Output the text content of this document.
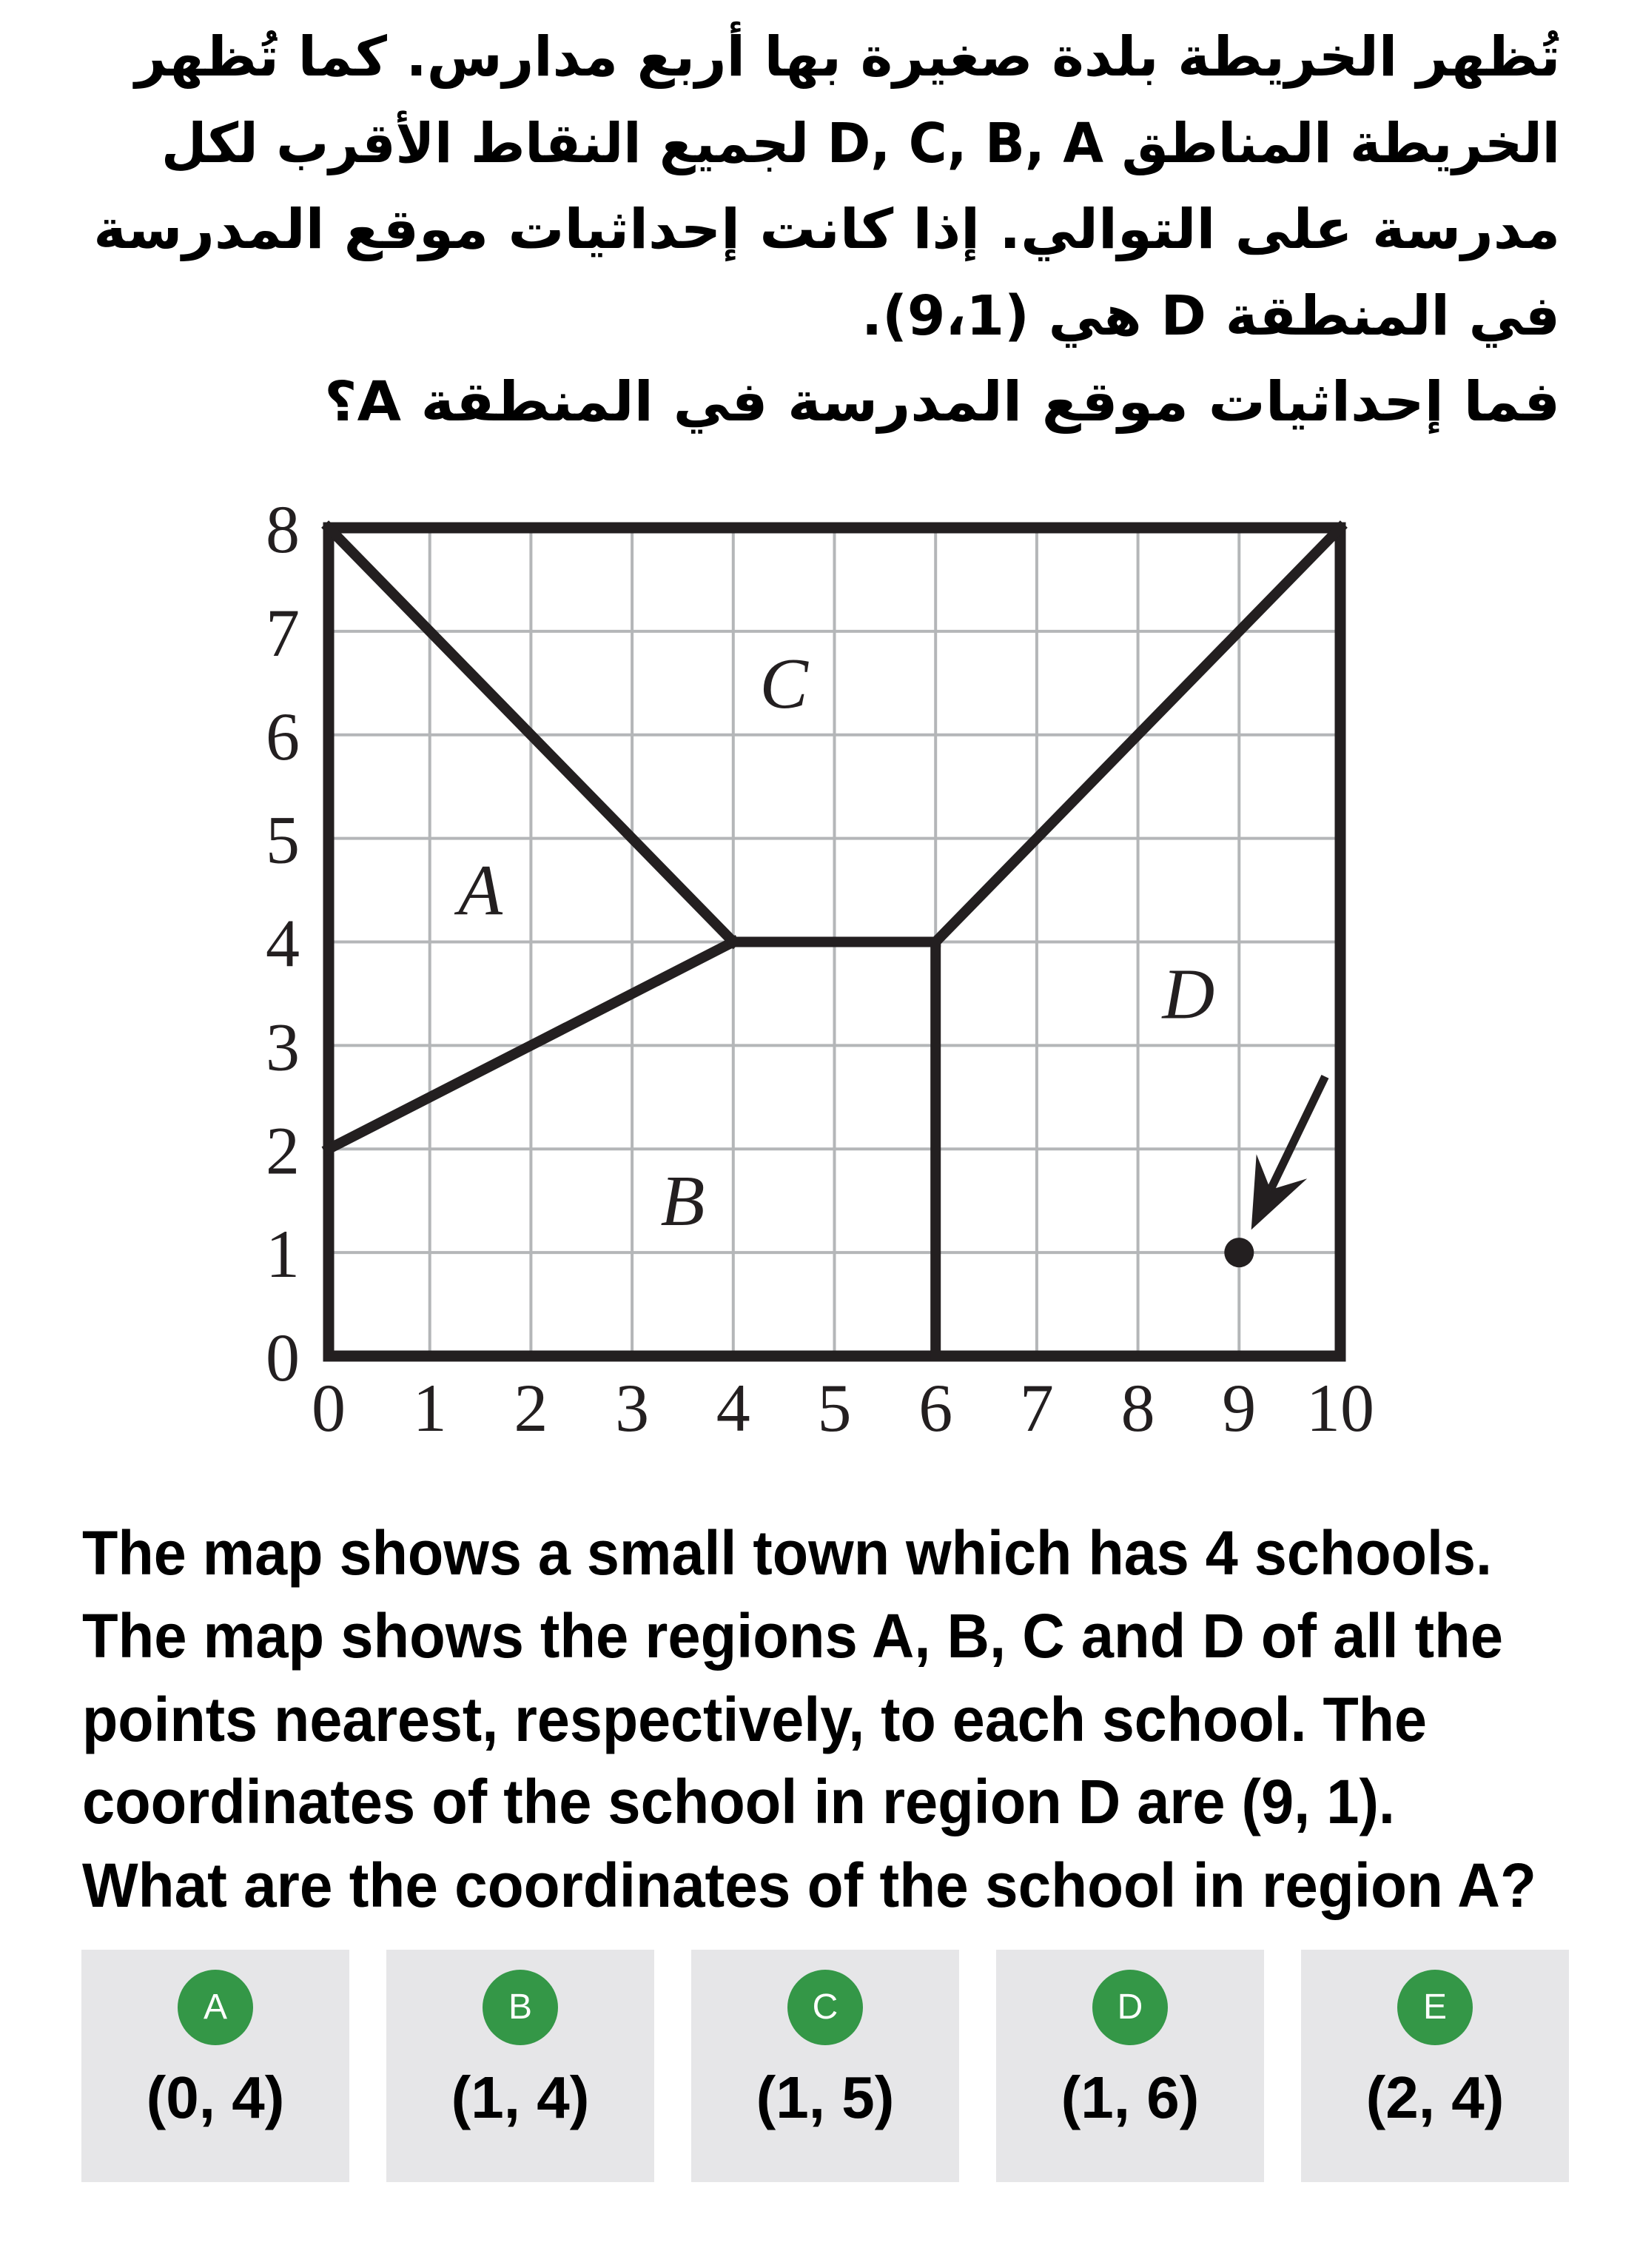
تُظهر الخريطة بلدة صغيرة بها أربع مدارس. كما تُظهر
الخريطة المناطق D, C, B, A لجميع النقاط الأقرب لكل
مدرسة على التوالي. إذا كانت إحداثيات موقع المدرسة
في المنطقة D هي (9،1).
فما إحداثيات موقع المدرسة في المنطقة A؟
0 1 2 3 4 5 6 7 8 9 10
0
1
2
3
4
5
6
7
8
A
B
C
D
The map shows a small town which has 4 schools.
The map shows the regions A, B, C and D of all the
points nearest, respectively, to each school. The
coordinates of the school in region D are (9, 1).
What are the coordinates of the school in region A?
A
(0, 4)
B
(1, 4)
C
(1, 5)
D
(1, 6)
E
(2, 4)
